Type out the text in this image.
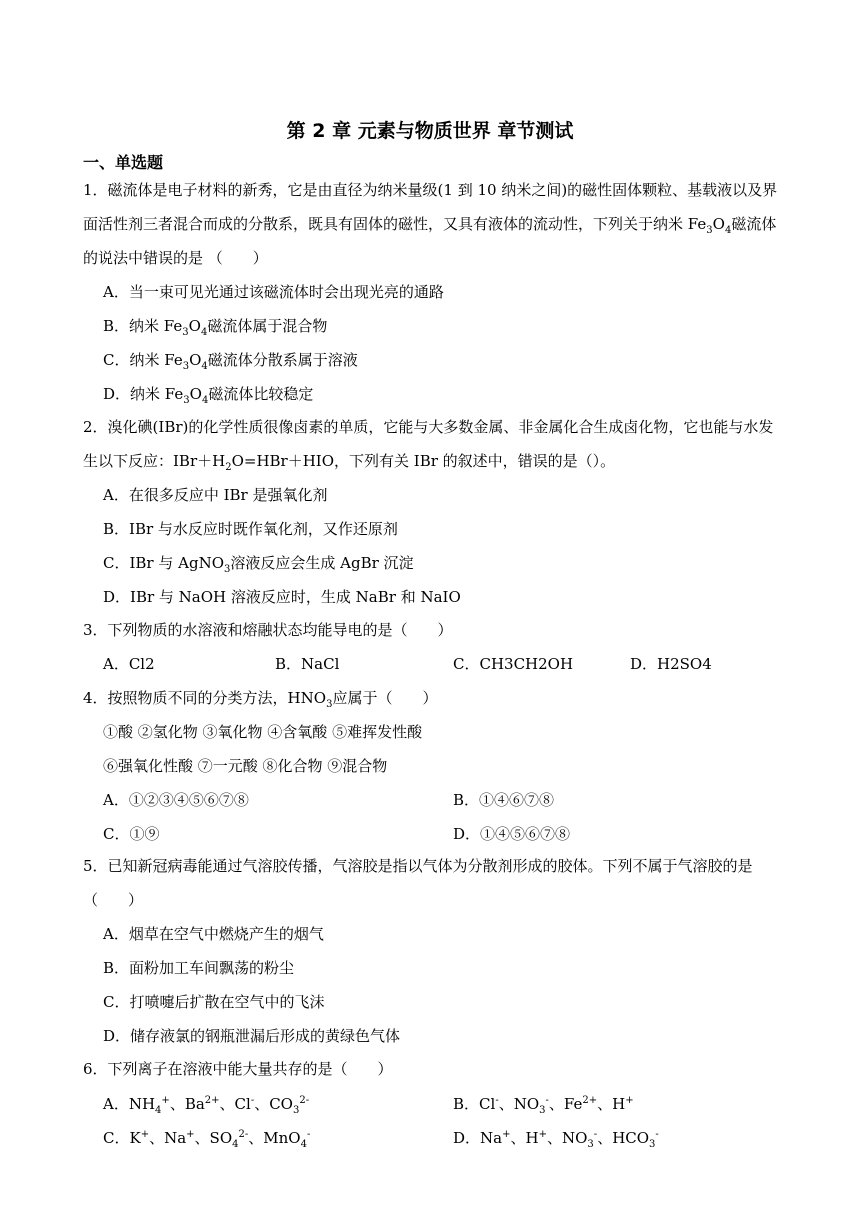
第 2 章 元素与物质世界 章节测试
一、单选题
1．磁流体是电子材料的新秀，它是由直径为纳米量级(1 到 10 纳米之间)的磁性固体颗粒、基载液以及界
面活性剂三者混合而成的分散系，既具有固体的磁性，又具有液体的流动性，下列关于纳米 $Fe_3O_4$磁流体
的说法中错误的是 （　　）
A．当一束可见光通过该磁流体时会出现光亮的通路
B．纳米 $Fe_3O_4$磁流体属于混合物
C．纳米 $Fe_3O_4$磁流体分散系属于溶液
D．纳米 $Fe_3O_4$磁流体比较稳定
2．溴化碘(IBr)的化学性质很像卤素的单质，它能与大多数金属、非金属化合生成卤化物，它也能与水发
生以下反应：$IBr+H_2O=HBr+HIO$，下列有关 IBr 的叙述中，错误的是（）。
A．在很多反应中 IBr 是强氧化剂
B．IBr 与水反应时既作氧化剂，又作还原剂
C．IBr 与 AgNO$_3$溶液反应会生成 AgBr 沉淀
D．IBr 与 NaOH 溶液反应时，生成 NaBr 和 NaIO
3．下列物质的水溶液和熔融状态均能导电的是（　　）
A．Cl2	B．NaCl	C．CH3CH2OH	D．H2SO4
4．按照物质不同的分类方法，$HNO_3$应属于（　　）
①酸 ②氢化物 ③氧化物 ④含氧酸 ⑤难挥发性酸
⑥强氧化性酸 ⑦一元酸 ⑧化合物 ⑨混合物
A．①②③④⑤⑥⑦⑧	B．①④⑥⑦⑧
C．①⑨	D．①④⑤⑥⑦⑧
5．已知新冠病毒能通过气溶胶传播，气溶胶是指以气体为分散剂形成的胶体。下列不属于气溶胶的是
（　　）
A．烟草在空气中燃烧产生的烟气
B．面粉加工车间飘荡的粉尘
C．打喷嚏后扩散在空气中的飞沫
D．储存液氯的钢瓶泄漏后形成的黄绿色气体
6．下列离子在溶液中能大量共存的是（　　）
A．$NH_4^+$、$Ba^{2+}$、Cl-、$CO_3^{2-}$	B．Cl-、$NO_3^-$、$Fe^{2+}$、H+
C．K+、Na+、$SO_4^{2-}$、MnO$_4$-	D．Na+、H+、$NO_3^-$、$HCO_3^-$
